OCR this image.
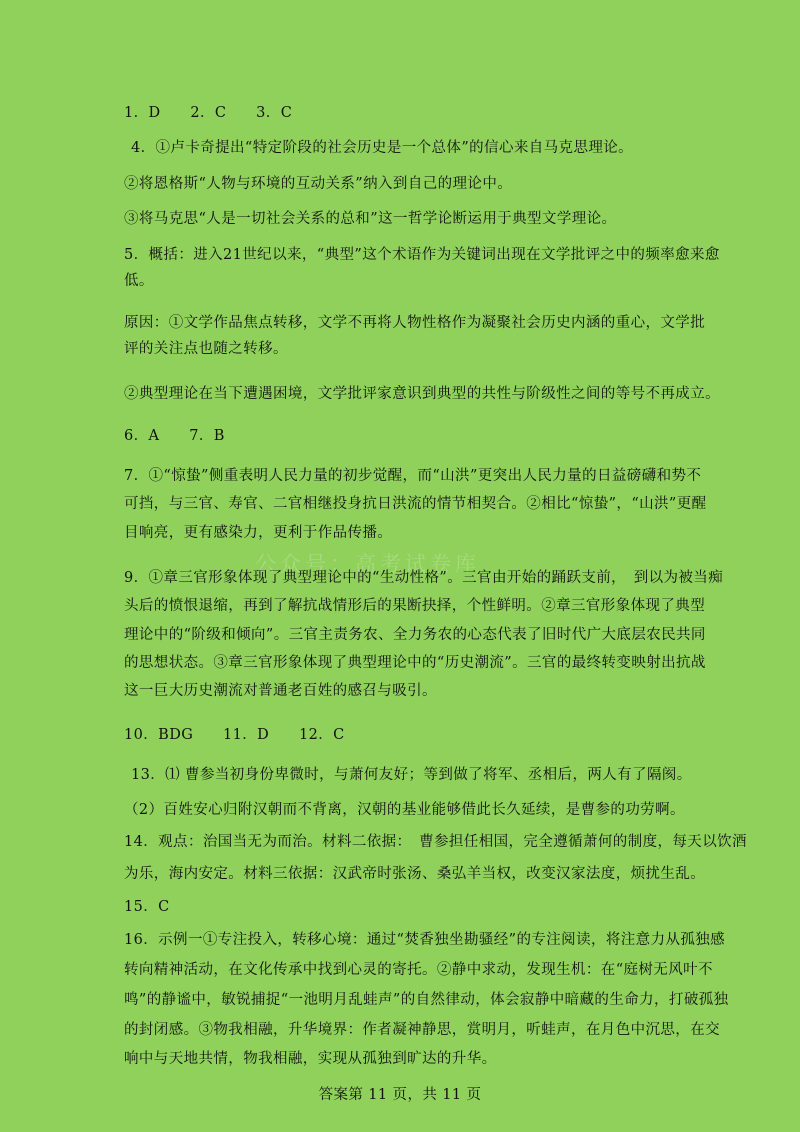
公众号：高考试卷库
1．D　　2．C　　3．C
4．①卢卡奇提出“特定阶段的社会历史是一个总体”的信心来自马克思理论。
②将恩格斯“人物与环境的互动关系”纳入到自己的理论中。
③将马克思“人是一切社会关系的总和”这一哲学论断运用于典型文学理论。
5．概括：进入21世纪以来，“典型”这个术语作为关键词出现在文学批评之中的频率愈来愈
低。
原因：①文学作品焦点转移，文学不再将人物性格作为凝聚社会历史内涵的重心，文学批
评的关注点也随之转移。
②典型理论在当下遭遇困境，文学批评家意识到典型的共性与阶级性之间的等号不再成立。
6．A　　7．B
7．①“惊蛰”侧重表明人民力量的初步觉醒，而“山洪”更突出人民力量的日益磅礴和势不
可挡，与三官、寿官、二官相继投身抗日洪流的情节相契合。②相比“惊蛰”，“山洪”更醒
目响亮，更有感染力，更利于作品传播。
9．①章三官形象体现了典型理论中的“生动性格”。三官由开始的踊跃支前，　到以为被当痴
头后的愤恨退缩，再到了解抗战情形后的果断抉择，个性鲜明。②章三官形象体现了典型
理论中的“阶级和倾向”。三官主责务农、全力务农的心态代表了旧时代广大底层农民共同
的思想状态。③章三官形象体现了典型理论中的“历史潮流”。三官的最终转变映射出抗战
这一巨大历史潮流对普通老百姓的感召与吸引。
10．BDG　　11．D　　12．C
13．⑴ 曹参当初身份卑微时，与萧何友好；等到做了将军、丞相后，两人有了隔阂。
（2）百姓安心归附汉朝而不背离，汉朝的基业能够借此长久延续，是曹参的功劳啊。
14．观点：治国当无为而治。材料二依据：　曹参担任相国，完全遵循萧何的制度，每天以饮酒
为乐，海内安定。材料三依据：汉武帝时张汤、桑弘羊当权，改变汉家法度，烦扰生乱。
15．C
16．示例一①专注投入，转移心境：通过“焚香独坐勘骚经”的专注阅读，将注意力从孤独感
转向精神活动，在文化传承中找到心灵的寄托。②静中求动，发现生机：在“庭树无风叶不
鸣”的静谧中，敏锐捕捉“一池明月乱蛙声”的自然律动，体会寂静中暗藏的生命力，打破孤独
的封闭感。③物我相融，升华境界：作者凝神静思，赏明月，听蛙声，在月色中沉思，在交
响中与天地共情，物我相融，实现从孤独到旷达的升华。
答案第 11 页，共 11 页
